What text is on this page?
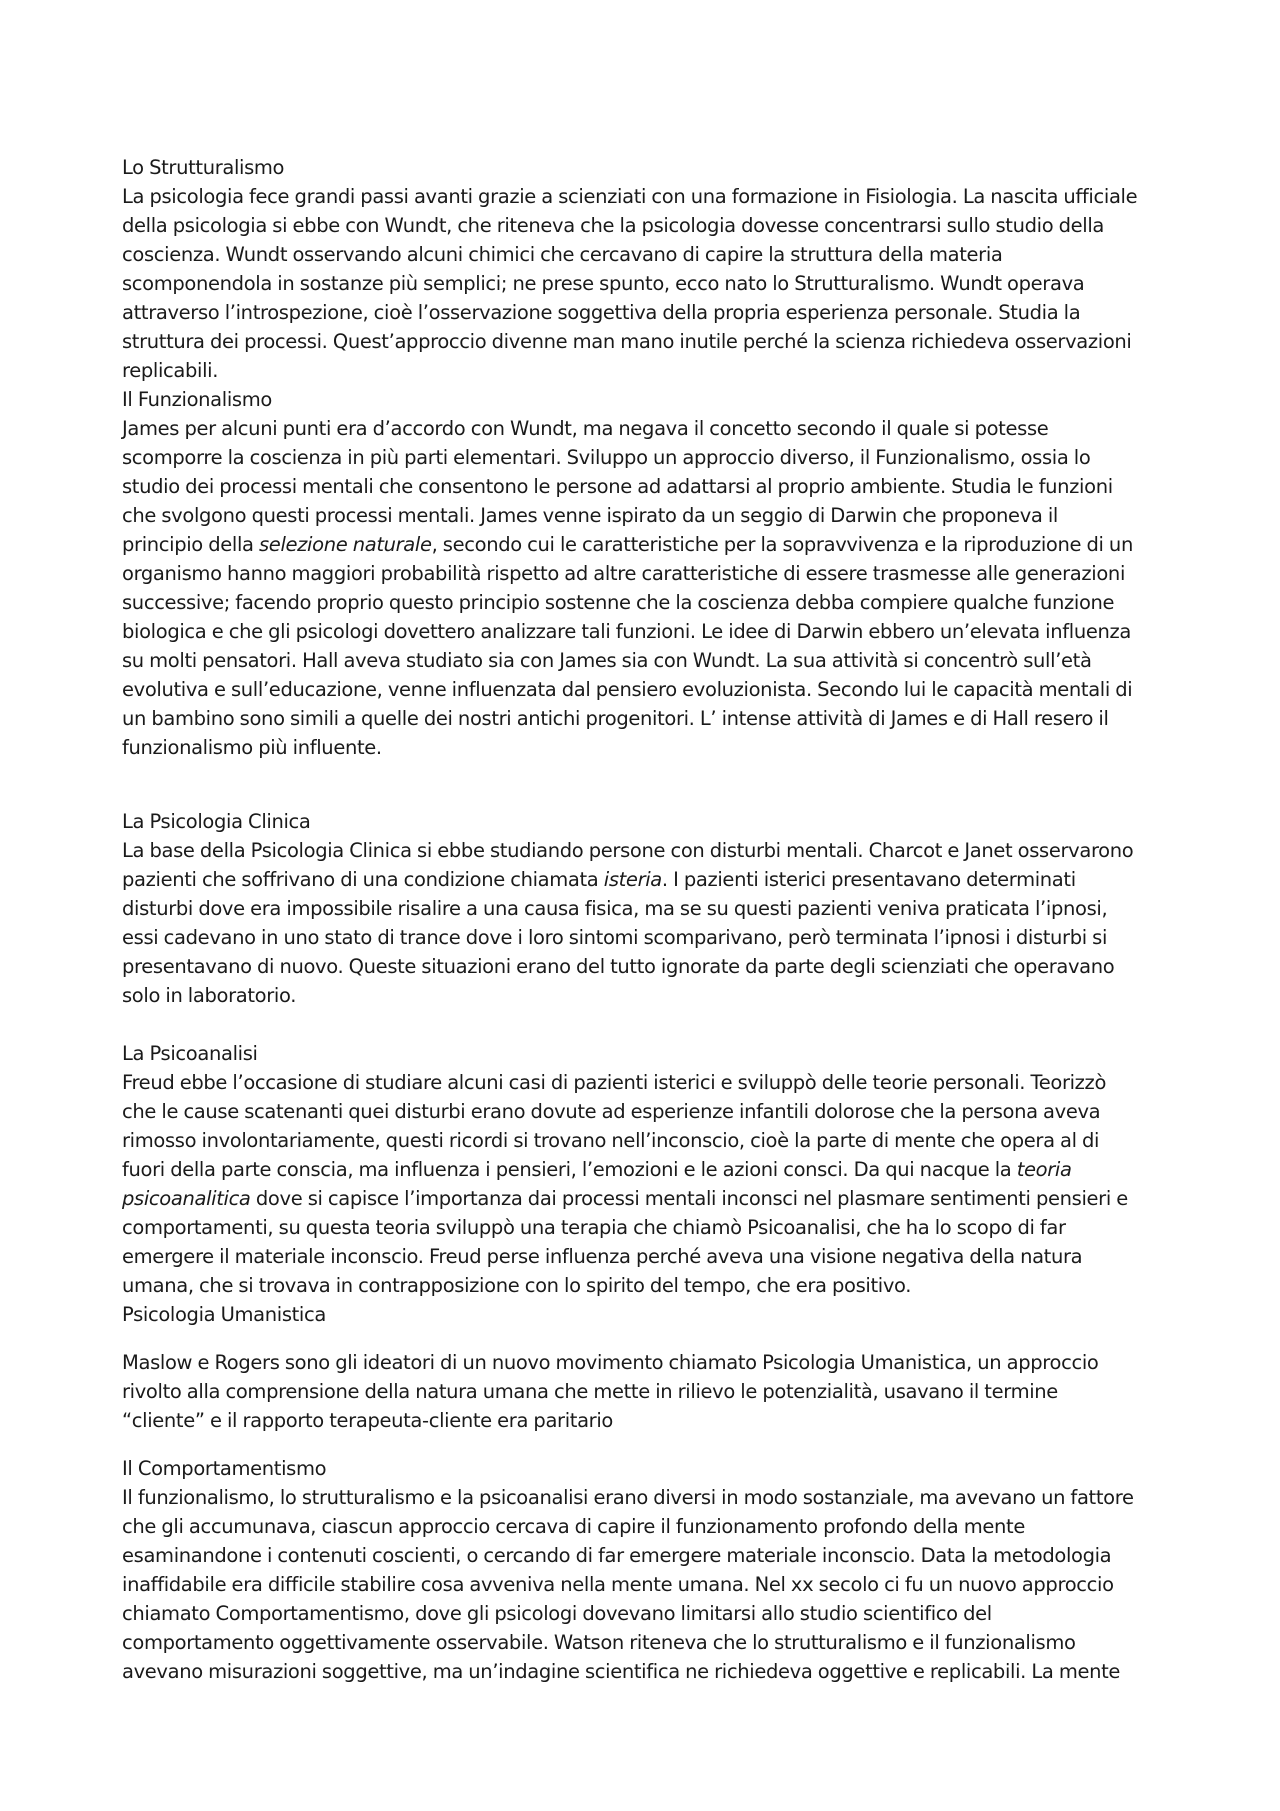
Lo Strutturalismo
La psicologia fece grandi passi avanti grazie a scienziati con una formazione in Fisiologia. La nascita ufficiale
della psicologia si ebbe con Wundt, che riteneva che la psicologia dovesse concentrarsi sullo studio della
coscienza. Wundt osservando alcuni chimici che cercavano di capire la struttura della materia
scomponendola in sostanze più semplici; ne prese spunto, ecco nato lo Strutturalismo. Wundt operava
attraverso l’introspezione, cioè l’osservazione soggettiva della propria esperienza personale. Studia la
struttura dei processi. Quest’approccio divenne man mano inutile perché la scienza richiedeva osservazioni
replicabili.
Il Funzionalismo
James per alcuni punti era d’accordo con Wundt, ma negava il concetto secondo il quale si potesse
scomporre la coscienza in più parti elementari. Sviluppo un approccio diverso, il Funzionalismo, ossia lo
studio dei processi mentali che consentono le persone ad adattarsi al proprio ambiente. Studia le funzioni
che svolgono questi processi mentali. James venne ispirato da un seggio di Darwin che proponeva il
principio della selezione naturale, secondo cui le caratteristiche per la sopravvivenza e la riproduzione di un
organismo hanno maggiori probabilità rispetto ad altre caratteristiche di essere trasmesse alle generazioni
successive; facendo proprio questo principio sostenne che la coscienza debba compiere qualche funzione
biologica e che gli psicologi dovettero analizzare tali funzioni. Le idee di Darwin ebbero un’elevata influenza
su molti pensatori. Hall aveva studiato sia con James sia con Wundt. La sua attività si concentrò sull’età
evolutiva e sull’educazione, venne influenzata dal pensiero evoluzionista. Secondo lui le capacità mentali di
un bambino sono simili a quelle dei nostri antichi progenitori. L’ intense attività di James e di Hall resero il
funzionalismo più influente.
La Psicologia Clinica
La base della Psicologia Clinica si ebbe studiando persone con disturbi mentali. Charcot e Janet osservarono
pazienti che soffrivano di una condizione chiamata isteria. I pazienti isterici presentavano determinati
disturbi dove era impossibile risalire a una causa fisica, ma se su questi pazienti veniva praticata l’ipnosi,
essi cadevano in uno stato di trance dove i loro sintomi scomparivano, però terminata l’ipnosi i disturbi si
presentavano di nuovo. Queste situazioni erano del tutto ignorate da parte degli scienziati che operavano
solo in laboratorio.
La Psicoanalisi
Freud ebbe l’occasione di studiare alcuni casi di pazienti isterici e sviluppò delle teorie personali. Teorizzò
che le cause scatenanti quei disturbi erano dovute ad esperienze infantili dolorose che la persona aveva
rimosso involontariamente, questi ricordi si trovano nell’inconscio, cioè la parte di mente che opera al di
fuori della parte conscia, ma influenza i pensieri, l’emozioni e le azioni consci. Da qui nacque la teoria
psicoanalitica dove si capisce l’importanza dai processi mentali inconsci nel plasmare sentimenti pensieri e
comportamenti, su questa teoria sviluppò una terapia che chiamò Psicoanalisi, che ha lo scopo di far
emergere il materiale inconscio. Freud perse influenza perché aveva una visione negativa della natura
umana, che si trovava in contrapposizione con lo spirito del tempo, che era positivo.
Psicologia Umanistica
Maslow e Rogers sono gli ideatori di un nuovo movimento chiamato Psicologia Umanistica, un approccio
rivolto alla comprensione della natura umana che mette in rilievo le potenzialità, usavano il termine
“cliente” e il rapporto terapeuta-cliente era paritario
Il Comportamentismo
Il funzionalismo, lo strutturalismo e la psicoanalisi erano diversi in modo sostanziale, ma avevano un fattore
che gli accumunava, ciascun approccio cercava di capire il funzionamento profondo della mente
esaminandone i contenuti coscienti, o cercando di far emergere materiale inconscio. Data la metodologia
inaffidabile era difficile stabilire cosa avveniva nella mente umana. Nel xx secolo ci fu un nuovo approccio
chiamato Comportamentismo, dove gli psicologi dovevano limitarsi allo studio scientifico del
comportamento oggettivamente osservabile. Watson riteneva che lo strutturalismo e il funzionalismo
avevano misurazioni soggettive, ma un’indagine scientifica ne richiedeva oggettive e replicabili. La mente
